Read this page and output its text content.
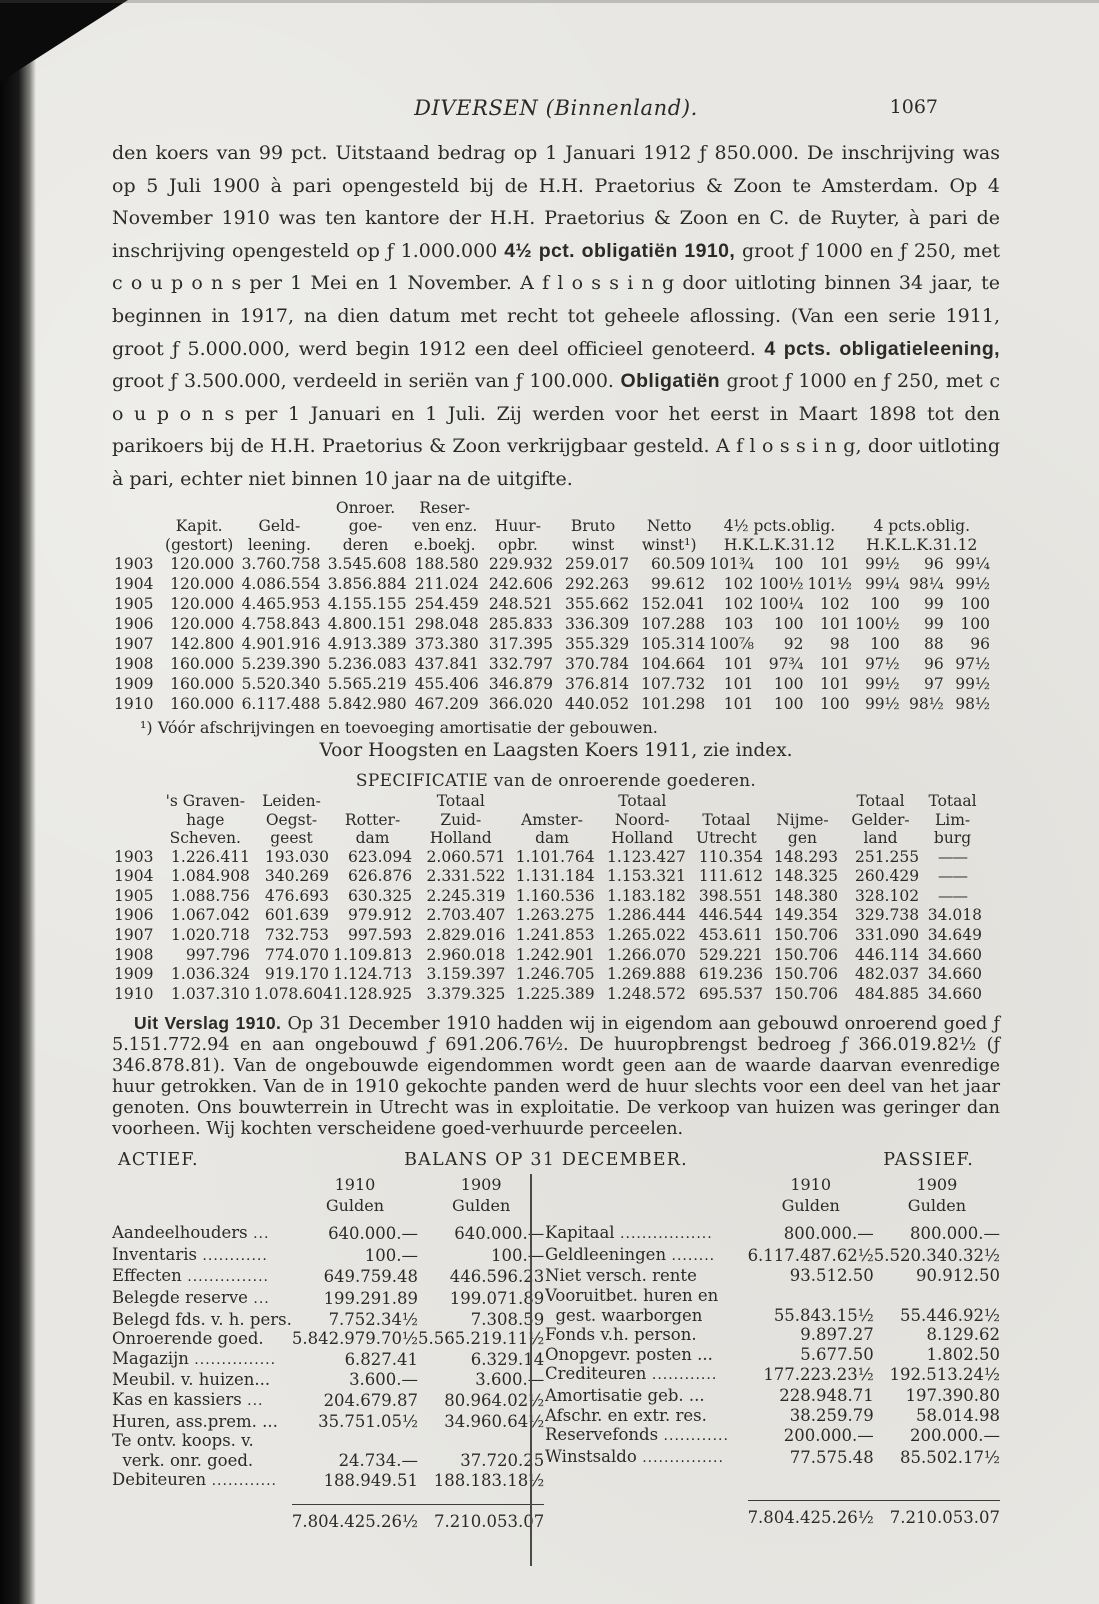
DIVERSEN (Binnenland).	1067

den koers van 99 pct. Uitstaand bedrag op 1 Januari 1912 ƒ 850.000. De inschrijving was op 5 Juli 1900 à pari opengesteld bij de H.H. Praetorius & Zoon te Amsterdam. Op 4 November 1910 was ten kantore der H.H. Praetorius & Zoon en C. de Ruyter, à pari de inschrijving opengesteld op ƒ 1.000.000 4½ pct. obligatiën 1910, groot ƒ 1000 en ƒ 250, met c o u p o n s per 1 Mei en 1 November. A f l o s s i n g door uitloting binnen 34 jaar, te beginnen in 1917, na dien datum met recht tot geheele aflossing. (Van een serie 1911, groot ƒ 5.000.000, werd begin 1912 een deel officieel genoteerd. 4 pcts. obligatieleening, groot ƒ 3.500.000, verdeeld in seriën van ƒ 100.000. Obligatiën groot ƒ 1000 en ƒ 250, met c o u p o n s per 1 Januari en 1 Juli. Zij werden voor het eerst in Maart 1898 tot den parikoers bij de H.H. Praetorius & Zoon verkrijgbaar gesteld. A f l o s s i n g, door uitloting à pari, echter niet binnen 10 jaar na de uitgifte.

			Onroer.	Reser-									
	Kapit.	Geld-	goe-	ven enz.	Huur-	Bruto	Netto	4½ pcts.oblig.			4 pcts.oblig.		
	(gestort)	leening.	deren	e.boekj.	opbr.	winst	winst¹)	H.K.L.K.31.12			H.K.L.K.31.12		
1903	120.000	3.760.758	3.545.608	188.580	229.932	259.017	60.509	101¾	100	101	99½	96	99¼
1904	120.000	4.086.554	3.856.884	211.024	242.606	292.263	99.612	102	100½	101½	99¼	98¼	99½
1905	120.000	4.465.953	4.155.155	254.459	248.521	355.662	152.041	102	100¼	102	100	99	100
1906	120.000	4.758.843	4.800.151	298.048	285.833	336.309	107.288	103	100	101	100½	99	100
1907	142.800	4.901.916	4.913.389	373.380	317.395	355.329	105.314	100⅞	92	98	100	88	96
1908	160.000	5.239.390	5.236.083	437.841	332.797	370.784	104.664	101	97¾	101	97½	96	97½
1909	160.000	5.520.340	5.565.219	455.406	346.879	376.814	107.732	101	100	101	99½	97	99½
1910	160.000	6.117.488	5.842.980	467.209	366.020	440.052	101.298	101	100	100	99½	98½	98½
¹) Vóór afschrijvingen en toevoeging amortisatie der gebouwen.
Voor Hoogsten en Laagsten Koers 1911, zie index.
SPECIFICATIE van de onroerende goederen.
	's Graven-	Leiden-		Totaal		Totaal			Totaal	Totaal
	hage	Oegst-	Rotter-	Zuid-	Amster-	Noord-	Totaal	Nijme-	Gelder-	Lim-
	Scheven.	geest	dam	Holland	dam	Holland	Utrecht	gen	land	burg
1903	1.226.411	193.030	623.094	2.060.571	1.101.764	1.123.427	110.354	148.293	251.255	——
1904	1.084.908	340.269	626.876	2.331.522	1.131.184	1.153.321	111.612	148.325	260.429	——
1905	1.088.756	476.693	630.325	2.245.319	1.160.536	1.183.182	398.551	148.380	328.102	——
1906	1.067.042	601.639	979.912	2.703.407	1.263.275	1.286.444	446.544	149.354	329.738	34.018
1907	1.020.718	732.753	997.593	2.829.016	1.241.853	1.265.022	453.611	150.706	331.090	34.649
1908	997.796	774.070	1.109.813	2.960.018	1.242.901	1.266.070	529.221	150.706	446.114	34.660
1909	1.036.324	919.170	1.124.713	3.159.397	1.246.705	1.269.888	619.236	150.706	482.037	34.660
1910	1.037.310	1.078.604	1.128.925	3.379.325	1.225.389	1.248.572	695.537	150.706	484.885	34.660

Uit Verslag 1910. Op 31 December 1910 hadden wij in eigendom aan gebouwd onroerend goed ƒ 5.151.772.94 en aan ongebouwd ƒ 691.206.76½. De huuropbrengst bedroeg ƒ 366.019.82½ (ƒ 346.878.81). Van de ongebouwde eigendommen wordt geen aan de waarde daarvan evenredige huur getrokken. Van de in 1910 gekochte panden werd de huur slechts voor een deel van het jaar genoten. Ons bouwterrein in Utrecht was in exploitatie. De verkoop van huizen was geringer dan voorheen. Wij kochten verscheidene goed-verhuurde perceelen.

ACTIEF.	BALANS OP 31 DECEMBER.	PASSIEF.
	1910	1909
	Gulden	Gulden
Aandeelhouders ...	640.000.—	640.000.—
Inventaris ............	100.—	100.—
Effecten ...............	649.759.48	446.596.23
Belegde reserve ...	199.291.89	199.071.89
Belegd fds. v. h. pers.	7.752.34½	7.308.59
Onroerende goed.	5.842.979.70½	5.565.219.11½
Magazijn ...............	6.827.41	6.329.14
Meubil. v. huizen...	3.600.—	3.600.—
Kas en kassiers ...	204.679.87	80.964.02½
Huren, ass.prem. ...	35.751.05½	34.960.64½
Te ontv. koops. v.		
verk. onr. goed.	24.734.—	37.720.25
Debiteuren ............	188.949.51	188.183.18½

	7.804.425.26½	7.210.053.07
	1910	1909
	Gulden	Gulden
Kapitaal .................	800.000.—	800.000.—
Geldleeningen ........	6.117.487.62½	5.520.340.32½
Niet versch. rente	93.512.50	90.912.50
Vooruitbet. huren en		
gest. waarborgen	55.843.15½	55.446.92½
Fonds v.h. person.	9.897.27	8.129.62
Onopgevr. posten ...	5.677.50	1.802.50
Crediteuren ............	177.223.23½	192.513.24½
Amortisatie geb. ...	228.948.71	197.390.80
Afschr. en extr. res.	38.259.79	58.014.98
Reservefonds ............	200.000.—	200.000.—
Winstsaldo ...............	77.575.48	85.502.17½

	7.804.425.26½	7.210.053.07
